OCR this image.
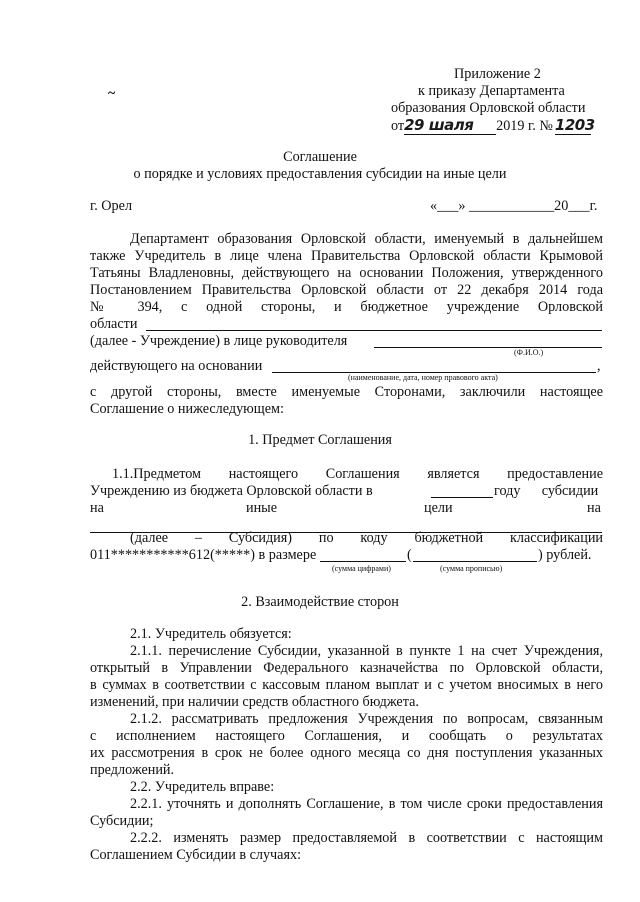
~
Приложение 2
к приказу Департамента
образования Орловской области
от29 шаля 2019 г. № 1203
Соглашение
о порядке и условиях предоставления субсидии на иные цели
г. Орел	«___» ____________20___г.
Департамент образования Орловской области, именуемый в дальнейшем
также Учредитель в лице члена Правительства Орловской области Крымовой
Татьяны Владленовны, действующего на основании Положения, утвержденного
Постановлением Правительства Орловской области от 22 декабря 2014 года
№ 394, с одной стороны, и бюджетное учреждение Орловской
области
(далее - Учреждение) в лице руководителя
(Ф.И.О.)
действующего на основании	,
(наименование, дата, номер правового акта)
с другой стороны, вместе именуемые Сторонами, заключили настоящее
Соглашение о нижеследующем:
1. Предмет Соглашения
1.1.Предметом настоящего Соглашения является предоставление
Учреждению из бюджета Орловской области в	году      субсидии
на	иные	цели	на
(далее – Субсидия) по коду бюджетной классификации
011***********612(*****) в размере	(	) рублей.
(сумма цифрами)	(сумма прописью)
2. Взаимодействие сторон
2.1. Учредитель обязуется:
2.1.1. перечисление Субсидии, указанной в пункте 1 на счет Учреждения,
открытый в Управлении Федерального казначейства по Орловской области,
в суммах в соответствии с кассовым планом выплат и с учетом вносимых в него
изменений, при наличии средств областного бюджета.
2.1.2. рассматривать предложения Учреждения по вопросам, связанным
с исполнением настоящего Соглашения, и сообщать о результатах
их рассмотрения в срок не более одного месяца со дня поступления указанных
предложений.
2.2. Учредитель вправе:
2.2.1. уточнять и дополнять Соглашение, в том числе сроки предоставления
Субсидии;
2.2.2. изменять размер предоставляемой в соответствии с настоящим
Соглашением Субсидии в случаях:
